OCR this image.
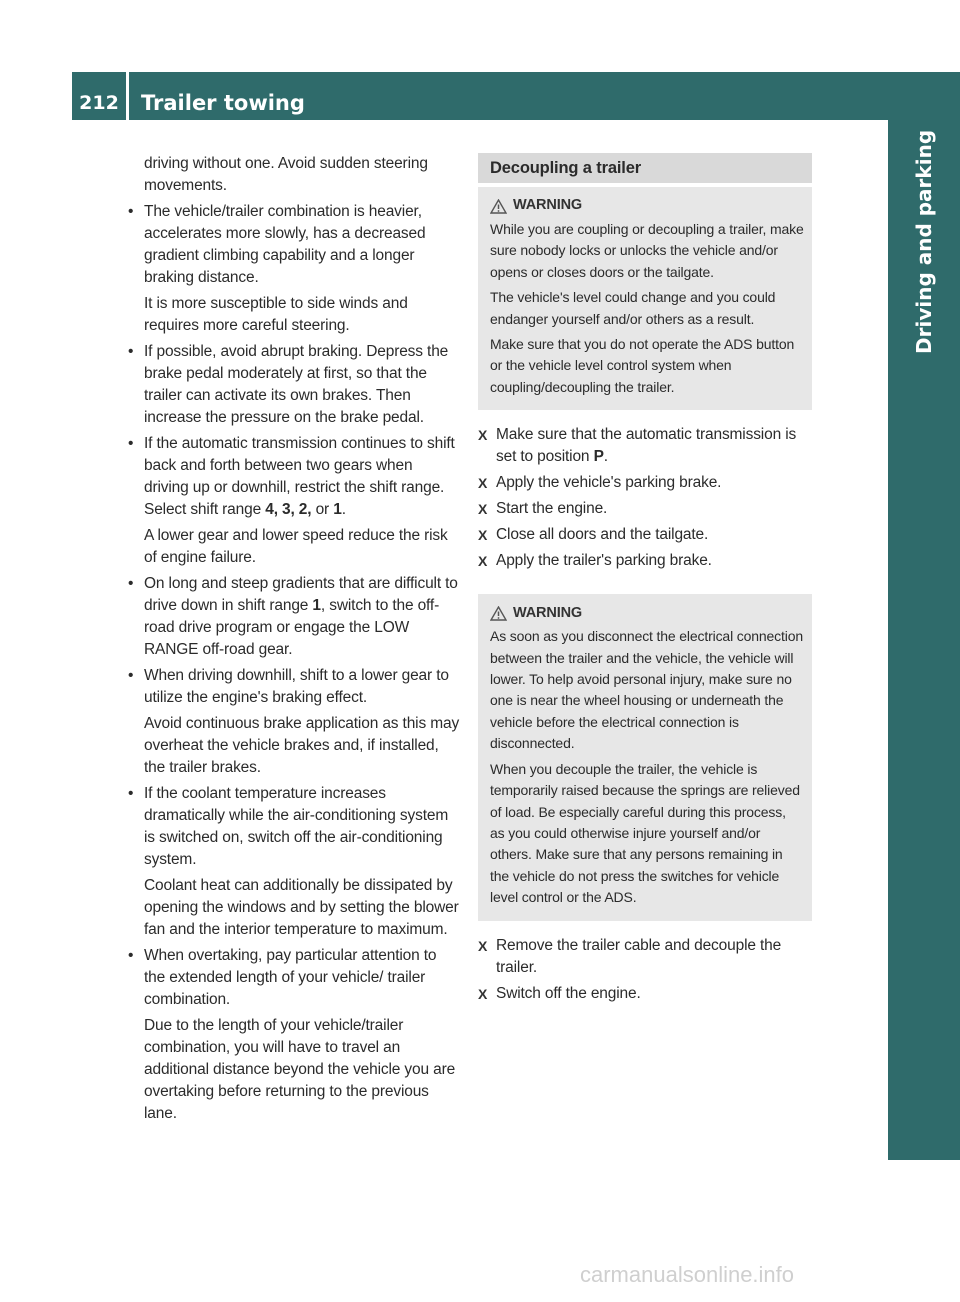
212	Trailer towing
Driving and parking

driving without one. Avoid sudden steering movements.

• The vehicle/trailer combination is heavier, accelerates more slowly, has a decreased gradient climbing capability and a longer braking distance.

It is more susceptible to side winds and requires more careful steering.

• If possible, avoid abrupt braking. Depress the brake pedal moderately at first, so that the trailer can activate its own brakes. Then increase the pressure on the brake pedal.
• If the automatic transmission continues to shift back and forth between two gears when driving up or downhill, restrict the shift range. Select shift range 4, 3, 2, or 1.

A lower gear and lower speed reduce the risk of engine failure.

• On long and steep gradients that are difficult to drive down in shift range 1, switch to the off-road drive program or engage the LOW RANGE off-road gear.
• When driving downhill, shift to a lower gear to utilize the engine's braking effect.

Avoid continuous brake application as this may overheat the vehicle brakes and, if installed, the trailer brakes.

• If the coolant temperature increases dramatically while the air-conditioning system is switched on, switch off the air-conditioning system.

Coolant heat can additionally be dissipated by opening the windows and by setting the blower fan and the interior temperature to maximum.

• When overtaking, pay particular attention to the extended length of your vehicle/ trailer combination.

Due to the length of your vehicle/trailer combination, you will have to travel an additional distance beyond the vehicle you are overtaking before returning to the previous lane.

Decoupling a trailer
WARNING

While you are coupling or decoupling a trailer, make sure nobody locks or unlocks the vehicle and/or opens or closes doors or the tailgate.

The vehicle's level could change and you could endanger yourself and/or others as a result.

Make sure that you do not operate the ADS button or the vehicle level control system when coupling/decoupling the trailer.

X Make sure that the automatic transmission is set to position P.
X Apply the vehicle's parking brake.
X Start the engine.
X Close all doors and the tailgate.
X Apply the trailer's parking brake.
WARNING

As soon as you disconnect the electrical connection between the trailer and the vehicle, the vehicle will lower. To help avoid personal injury, make sure no one is near the wheel housing or underneath the vehicle before the electrical connection is disconnected.

When you decouple the trailer, the vehicle is temporarily raised because the springs are relieved of load. Be especially careful during this process, as you could otherwise injure yourself and/or others. Make sure that any persons remaining in the vehicle do not press the switches for vehicle level control or the ADS.

X Remove the trailer cable and decouple the trailer.
X Switch off the engine.
carmanualsonline.info
